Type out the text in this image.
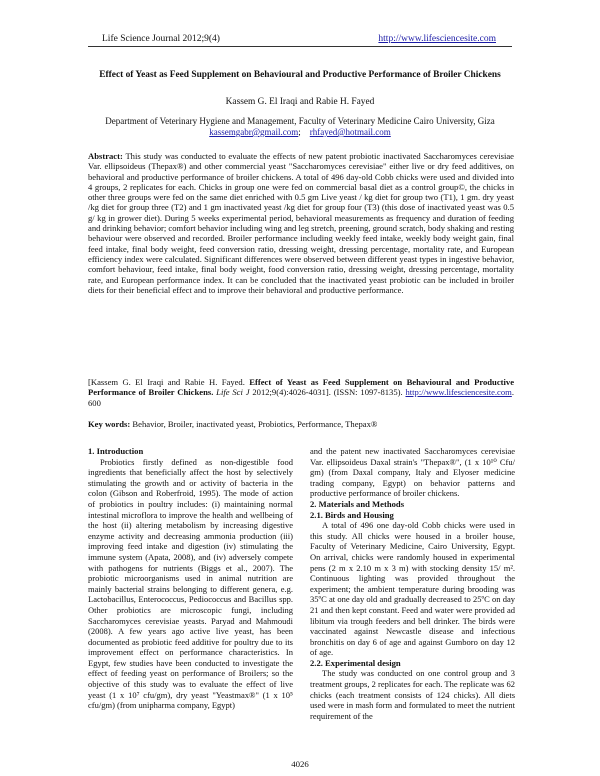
Life Science Journal 2012;9(4)	http://www.lifesciencesite.com
Effect of Yeast as Feed Supplement on Behavioural and Productive Performance of Broiler Chickens
Kassem G. El Iraqi and Rabie H. Fayed
Department of Veterinary Hygiene and Management, Faculty of Veterinary Medicine Cairo University, Giza
kassemgabr@gmail.com;    rhfayed@hotmail.com
Abstract: This study was conducted to evaluate the effects of new patent probiotic inactivated Saccharomyces cerevisiae Var. ellipsoideus (Thepax®) and other commercial yeast "Saccharomyces cerevisiae" either live or dry feed additives, on behavioral and productive performance of broiler chickens. A total of 496 day-old Cobb chicks were used and divided into 4 groups, 2 replicates for each. Chicks in group one were fed on commercial basal diet as a control group©, the chicks in other three groups were fed on the same diet enriched with 0.5 gm Live yeast / kg diet for group two (T1), 1 gm. dry yeast /kg diet for group three (T2) and 1 gm inactivated yeast /kg diet for group four (T3) (this dose of inactivated yeast was 0.5 g/ kg in grower diet). During 5 weeks experimental period, behavioral measurements as frequency and duration of feeding and drinking behavior; comfort behavior including wing and leg stretch, preening, ground scratch, body shaking and resting behaviour were observed and recorded. Broiler performance including weekly feed intake, weekly body weight gain, final feed intake, final body weight, feed conversion ratio, dressing weight, dressing percentage, mortality rate, and European efficiency index were calculated. Significant differences were observed between different yeast types in ingestive behavior, comfort behaviour, feed intake, final body weight, food conversion ratio, dressing weight, dressing percentage, mortality rate, and European performance index. It can be concluded that the inactivated yeast probiotic can be included in broiler diets for their beneficial effect and to improve their behavioral and productive performance.
[Kassem G. El Iraqi and Rabie H. Fayed. Effect of Yeast as Feed Supplement on Behavioural and Productive Performance of Broiler Chickens. Life Sci J 2012;9(4):4026-4031]. (ISSN: 1097-8135). http://www.lifesciencesite.com. 600
Key words: Behavior, Broiler, inactivated yeast, Probiotics, Performance, Thepax®
1. Introduction

Probiotics firstly defined as non-digestible food ingredients that beneficially affect the host by selectively stimulating the growth and or activity of bacteria in the colon (Gibson and Roberfroid, 1995). The mode of action of probiotics in poultry includes: (i) maintaining normal intestinal microflora to improve the health and wellbeing of the host (ii) altering metabolism by increasing digestive enzyme activity and decreasing ammonia production (iii) improving feed intake and digestion (iv) stimulating the immune system (Apata, 2008), and (iv) adversely compete with pathogens for nutrients (Biggs et al., 2007). The probiotic microorganisms used in animal nutrition are mainly bacterial strains belonging to different genera, e.g. Lactobacillus, Enterococcus, Pediococcus and Bacillus spp. Other probiotics are microscopic fungi, including Saccharomyces cerevisiae yeasts. Paryad and Mahmoudi (2008). A few years ago active live yeast, has been documented as probiotic feed additive for poultry due to its improvement effect on performance characteristics. In Egypt, few studies have been conducted to investigate the effect of feeding yeast on performance of Broilers; so the objective of this study was to evaluate the effect of live yeast (1 x 10⁷ cfu/gm), dry yeast "Yeastmax®" (1 x 10⁵ cfu/gm) (from unipharma company, Egypt)

and the patent new inactivated Saccharomyces cerevisiae Var. ellipsoideus Daxal strain's "Thepax®", (1 x 10¹⁰ Cfu/ gm) (from Daxal company, Italy and Elyoser medicine trading company, Egypt) on behavior patterns and productive performance of broiler chickens.

2. Materials and Methods
2.1. Birds and Housing

A total of 496 one day-old Cobb chicks were used in this study. All chicks were housed in a broiler house, Faculty of Veterinary Medicine, Cairo University, Egypt. On arrival, chicks were randomly housed in experimental pens (2 m x 2.10 m x 3 m) with stocking density 15/ m². Continuous lighting was provided throughout the experiment; the ambient temperature during brooding was 35ºC at one day old and gradually decreased to 25ºC on day 21 and then kept constant. Feed and water were provided ad libitum via trough feeders and bell drinker. The birds were vaccinated against Newcastle disease and infectious bronchitis on day 6 of age and against Gumboro on day 12 of age.

2.2. Experimental design

The study was conducted on one control group and 3 treatment groups, 2 replicates for each. The replicate was 62 chicks (each treatment consists of 124 chicks). All diets used were in mash form and formulated to meet the nutrient requirement of the

4026
